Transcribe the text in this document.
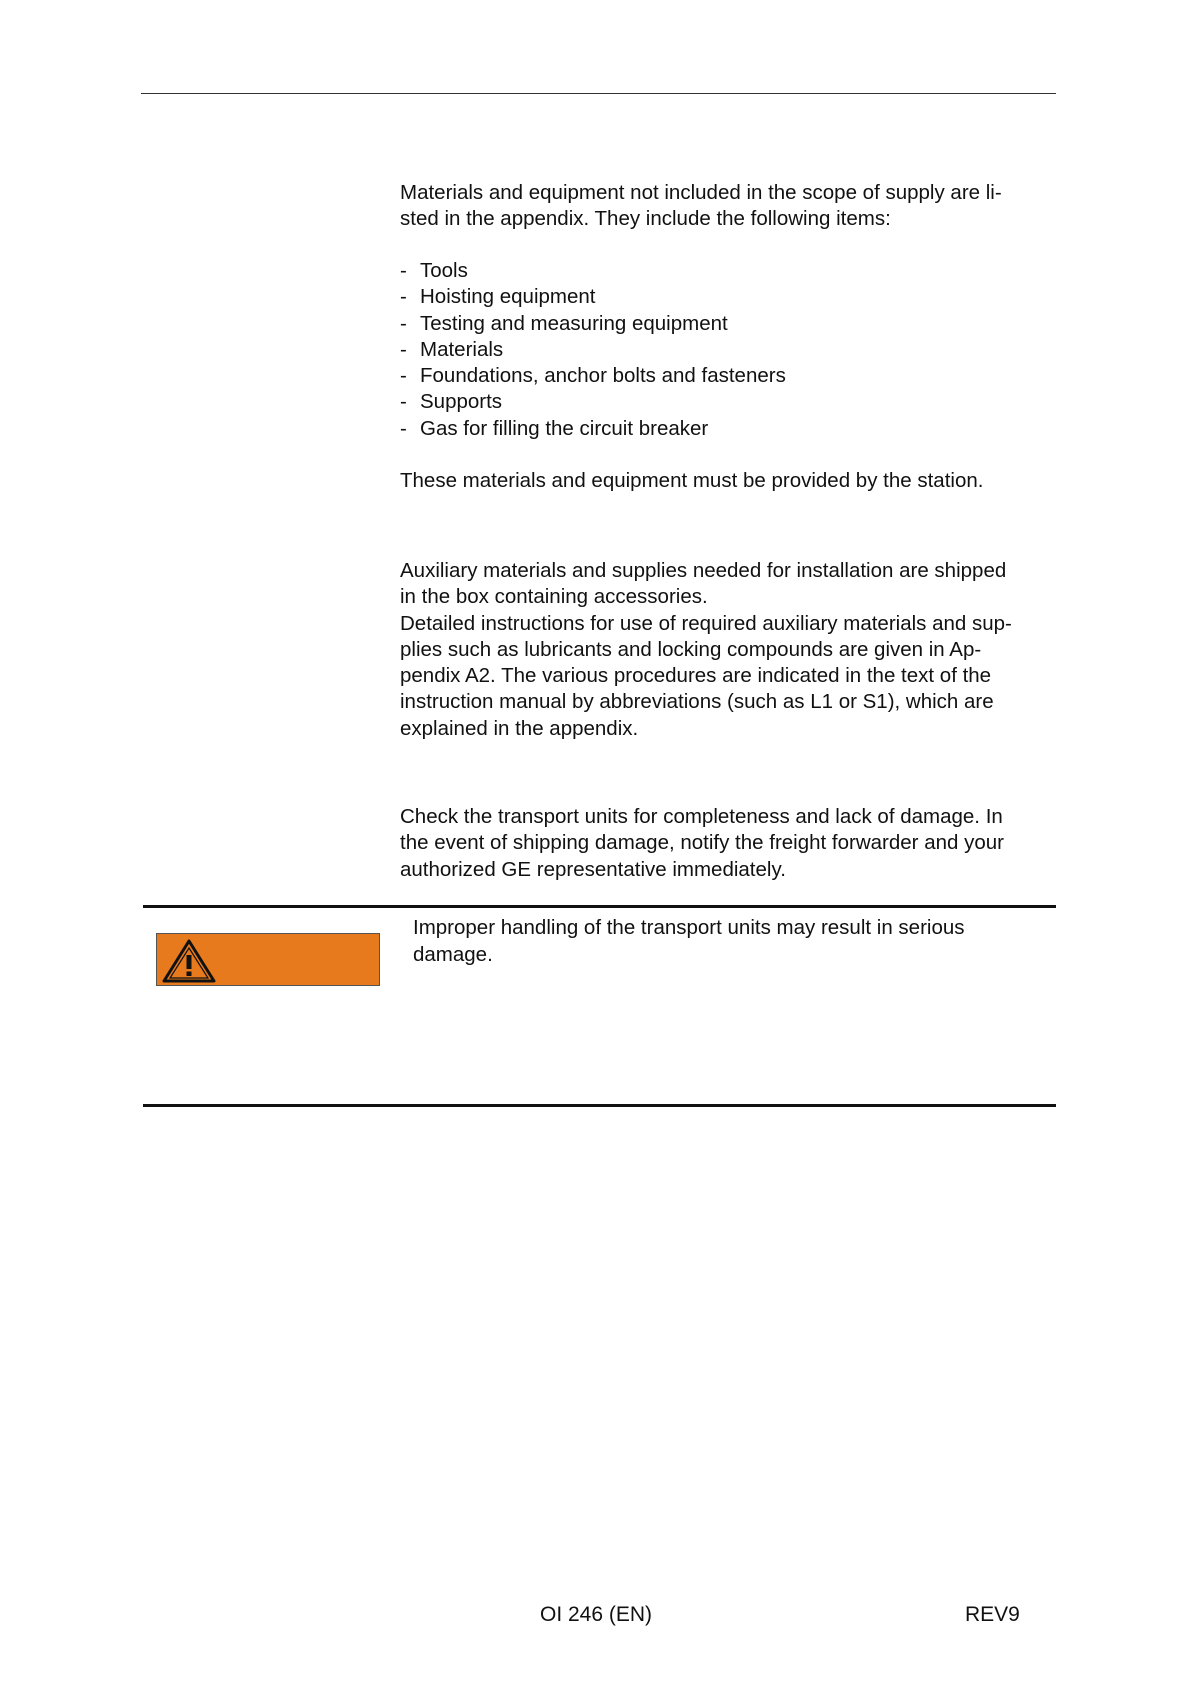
Materials and equipment not included in the scope of supply are li-
sted in the appendix. They include the following items:

- Tools
- Hoisting equipment
- Testing and measuring equipment
- Materials
- Foundations, anchor bolts and fasteners
- Supports
- Gas for filling the circuit breaker

These materials and equipment must be provided by the station.

Auxiliary materials and supplies needed for installation are shipped
in the box containing accessories.
Detailed instructions for use of required auxiliary materials and sup-
plies such as lubricants and locking compounds are given in Ap-
pendix A2. The various procedures are indicated in the text of the
instruction manual by abbreviations (such as L1 or S1), which are
explained in the appendix.

Check the transport units for completeness and lack of damage. In
the event of shipping damage, notify the freight forwarder and your
authorized GE representative immediately.

Improper handling of the transport units may result in serious
damage.

OI 246 (EN)	REV9
